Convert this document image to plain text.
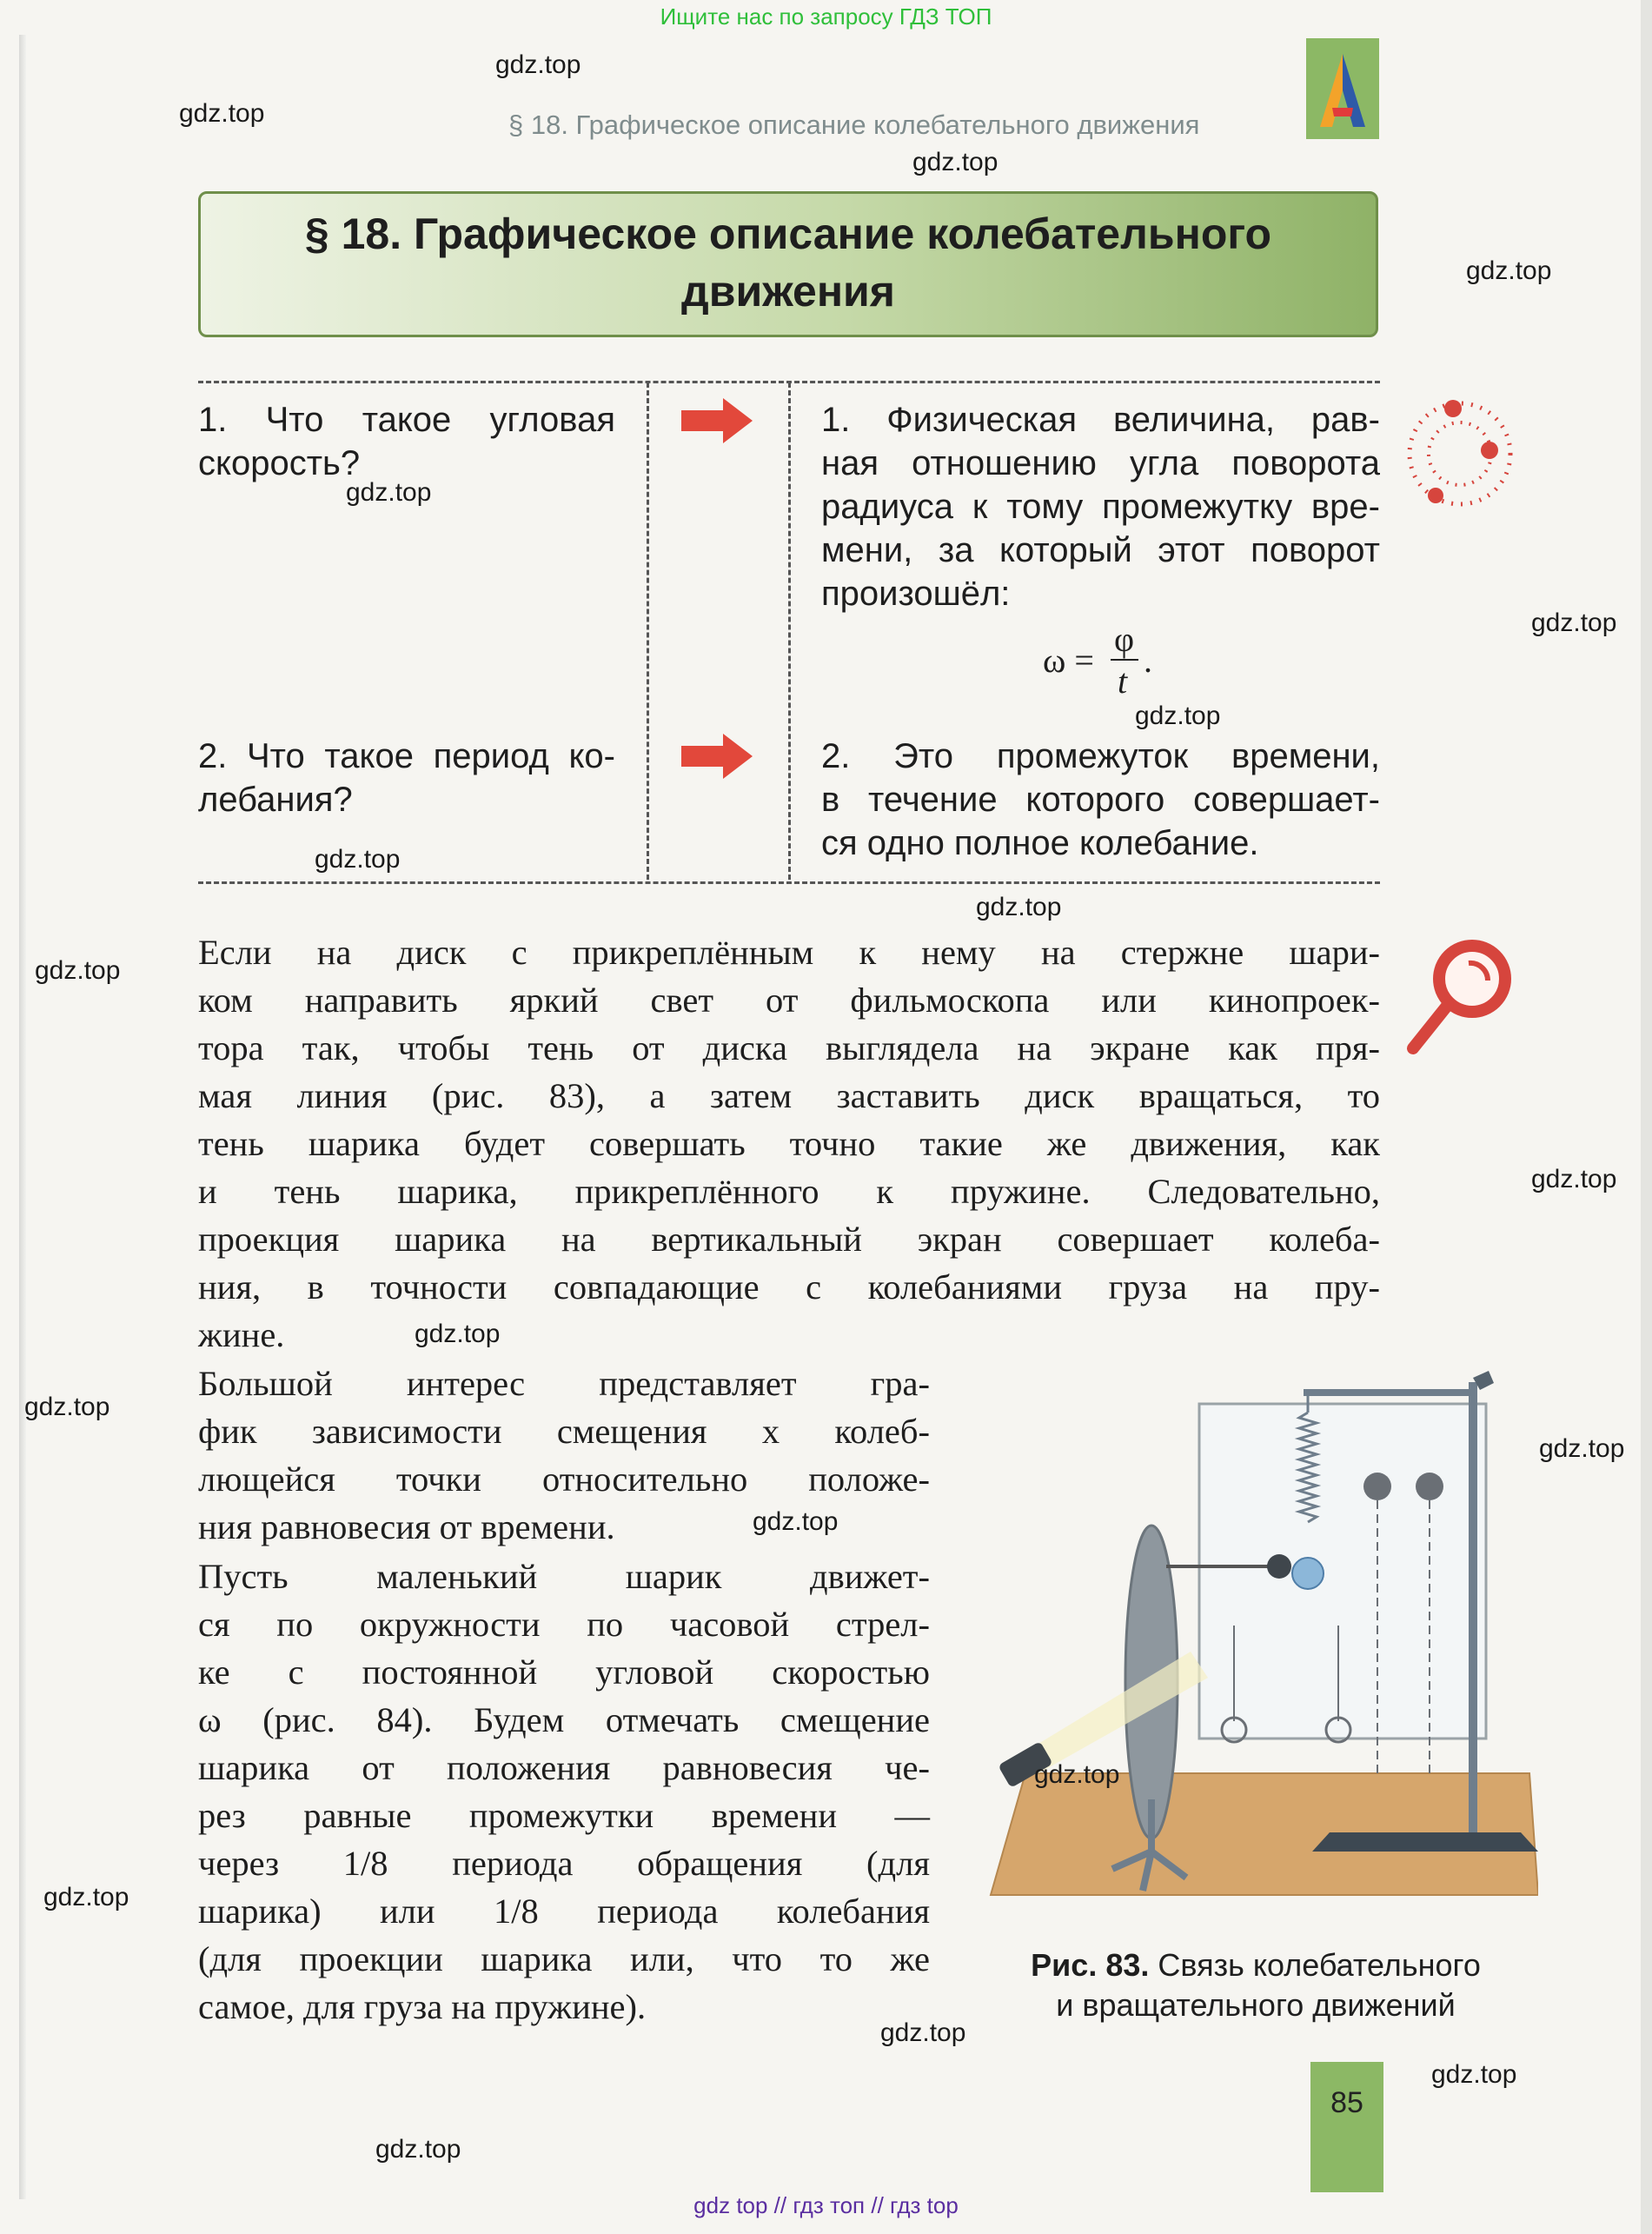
Ищите нас по запросу ГДЗ ТОП
§ 18. Графическое описание колебательного движения
§ 18. Графическое описание колебательного
движения
1. Что такое угловая
скорость?
1. Физическая величина, рав-
ная отношению угла поворота
радиуса к тому промежутку вре-
мени, за который этот поворот
произошёл:
ω =
φ
t
.
2. Что такое период ко-
лебания?
2. Это промежуток времени,
в течение которого совершает-
ся одно полное колебание.
Если на диск с прикреплённым к нему на стержне шари-
ком направить яркий свет от фильмоскопа или кинопроек-
тора так, чтобы тень от диска выглядела на экране как пря-
мая линия (рис. 83), а затем заставить диск вращаться, то
тень шарика будет совершать точно такие же движения, как
и тень шарика, прикреплённого к пружине. Следовательно,
проекция шарика на вертикальный экран совершает колеба-
ния, в точности совпадающие с колебаниями груза на пру-
жине.
Большой интерес представляет гра-
фик зависимости смещения x колеб-
лющейся точки относительно положе-
ния равновесия от времени.
Пусть маленький шарик движет-
ся по окружности по часовой стрел-
ке с постоянной угловой скоростью
ω (рис. 84). Будем отмечать смещение
шарика от положения равновесия че-
рез равные промежутки времени —
через 1/8 периода обращения (для
шарика) или 1/8 периода колебания
(для проекции шарика или, что то же
самое, для груза на пружине).
Рис. 83. Связь колебательного
и вращательного движений
85
gdz.top
gdz.top
gdz.top
gdz.top
gdz.top
gdz.top
gdz.top
gdz.top
gdz.top
gdz.top
gdz.top
gdz.top
gdz.top
gdz.top
gdz.top
gdz.top
gdz.top
gdz.top
gdz.top
gdz.top
gdz top // гдз топ // гдз top
